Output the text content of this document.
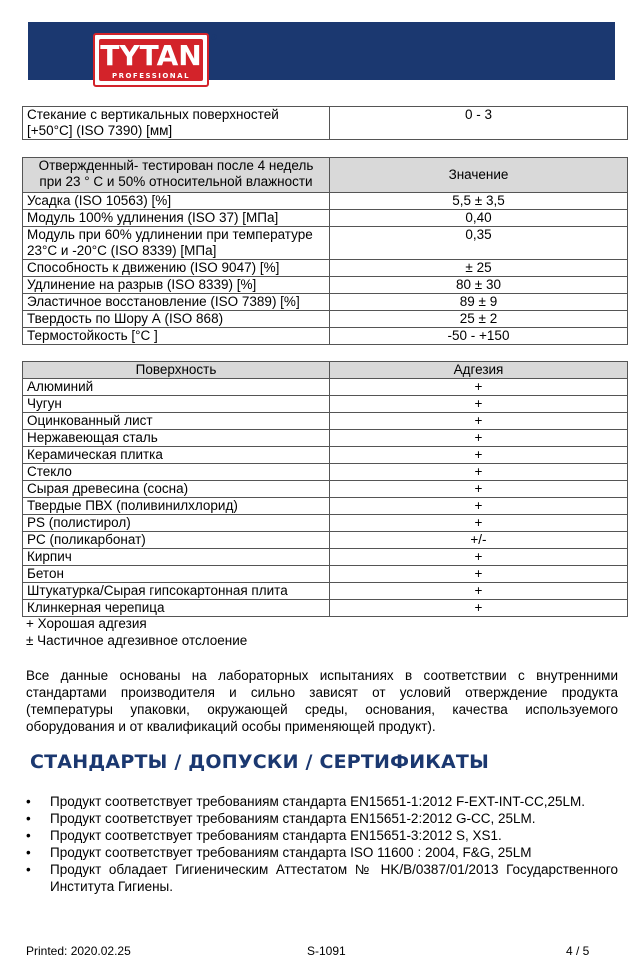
TYTAN
PROFESSIONAL
®
Стекание с вертикальных поверхностей [+50°C] (ISO 7390) [мм]	0 - 3
Отвержденный- тестирован после 4 недель при 23 ° C и 50% относительной влажности	Значение
Усадка (ISO 10563) [%]	5,5 ± 3,5
Модуль 100% удлинения (ISO 37) [МПа]	0,40
Модуль при 60% удлинении при температуре 23°C и -20°C (ISO 8339) [МПа]	0,35
Способность к движению (ISO 9047) [%]	± 25
Удлинение на разрыв (ISO 8339) [%]	80 ± 30
Эластичное восстановление (ISO 7389) [%]	89 ± 9
Твердость по Шору А (ISO 868)	25 ± 2
Термостойкость [°C ]	-50 - +150
Поверхность	Адгезия
Алюминий	+
Чугун	+
Оцинкованный лист	+
Нержавеющая сталь	+
Керамическая плитка	+
Стекло	+
Сырая древесина (сосна)	+
Твердые ПВХ (поливинилхлорид)	+
PS (полистирол)	+
PC (поликарбонат)	+/-
Кирпич	+
Бетон	+
Штукатурка/Сырая гипсокартонная плита	+
Клинкерная черепица	+
+ Хорошая адгезия
± Частичное адгезивное отслоение
Все данные основаны на лабораторных испытаниях в соответствии с внутренними стандартами производителя и сильно зависят от условий отверждение продукта (температуры упаковки, окружающей среды, основания, качества используемого оборудования и от квалификаций особы применяющей продукт).
СТАНДАРТЫ / ДОПУСКИ / СЕРТИФИКАТЫ
• Продукт соответствует требованиям стандарта EN15651-1:2012 F-EXT-INT-CC,25LM.
• Продукт соответствует требованиям стандарта EN15651-2:2012 G-CC, 25LM.
• Продукт соответствует требованиям стандарта EN15651-3:2012 S, XS1.
• Продукт соответствует требованиям стандарта ISO 11600 : 2004, F&G, 25LM
• Продукт обладает Гигиеническим Аттестатом № HK/B/0387/01/2013 Государственного Института Гигиены.
Printed: 2020.02.25	S-1091	4 / 5
